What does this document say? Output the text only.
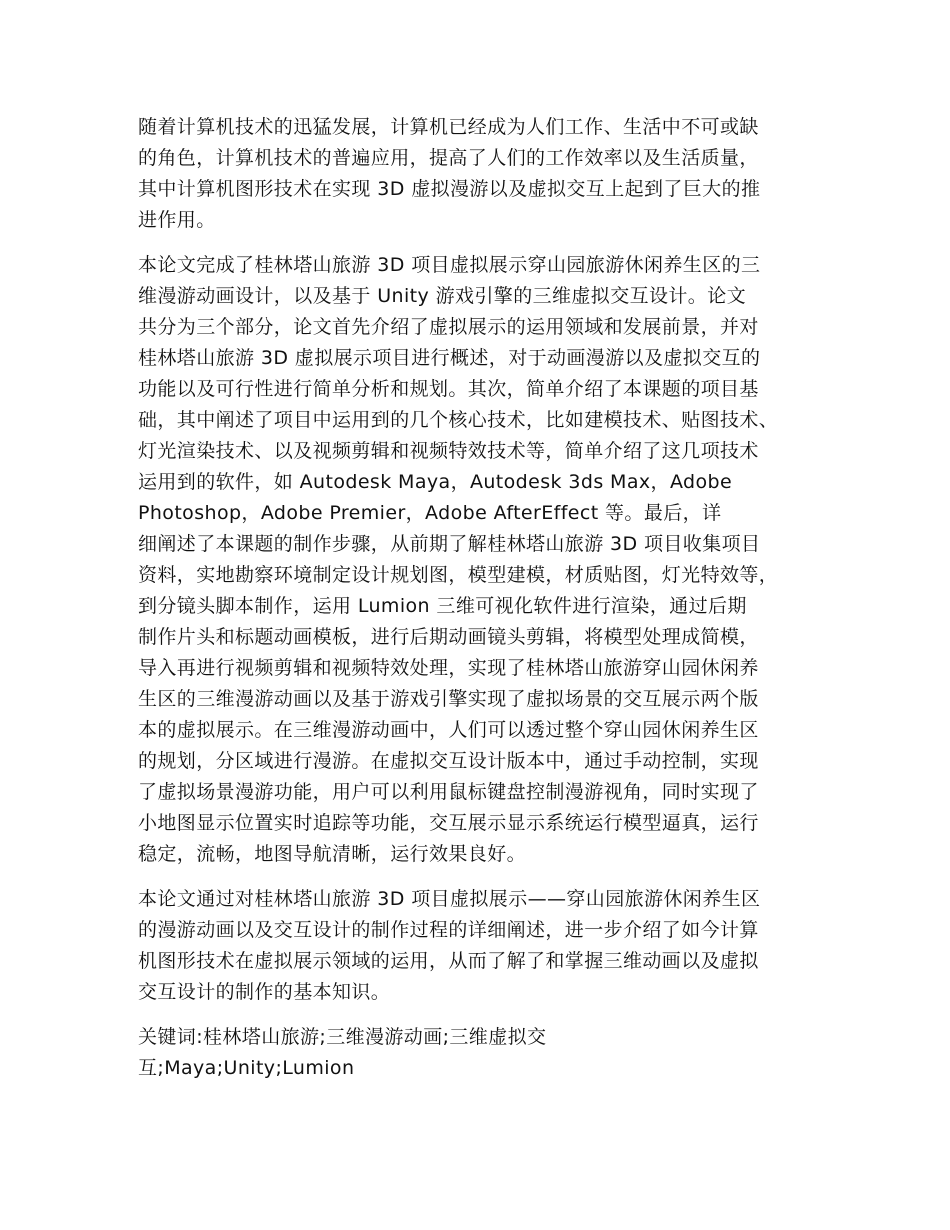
随着计算机技术的迅猛发展，计算机已经成为人们工作、生活中不可或缺
的角色，计算机技术的普遍应用，提高了人们的工作效率以及生活质量，
其中计算机图形技术在实现 3D 虚拟漫游以及虚拟交互上起到了巨大的推
进作用。

本论文完成了桂林塔山旅游 3D 项目虚拟展示穿山园旅游休闲养生区的三
维漫游动画设计，以及基于 Unity 游戏引擎的三维虚拟交互设计。论文
共分为三个部分，论文首先介绍了虚拟展示的运用领域和发展前景，并对
桂林塔山旅游 3D 虚拟展示项目进行概述，对于动画漫游以及虚拟交互的
功能以及可行性进行简单分析和规划。其次，简单介绍了本课题的项目基
础，其中阐述了项目中运用到的几个核心技术，比如建模技术、贴图技术、
灯光渲染技术、以及视频剪辑和视频特效技术等，简单介绍了这几项技术
运用到的软件，如 Autodesk Maya，Autodesk 3ds Max，Adobe
Photoshop，Adobe Premier，Adobe AfterEffect 等。最后，详
细阐述了本课题的制作步骤，从前期了解桂林塔山旅游 3D 项目收集项目
资料，实地勘察环境制定设计规划图，模型建模，材质贴图，灯光特效等，
到分镜头脚本制作，运用 Lumion 三维可视化软件进行渲染，通过后期
制作片头和标题动画模板，进行后期动画镜头剪辑，将模型处理成简模，
导入再进行视频剪辑和视频特效处理，实现了桂林塔山旅游穿山园休闲养
生区的三维漫游动画以及基于游戏引擎实现了虚拟场景的交互展示两个版
本的虚拟展示。在三维漫游动画中，人们可以透过整个穿山园休闲养生区
的规划，分区域进行漫游。在虚拟交互设计版本中，通过手动控制，实现
了虚拟场景漫游功能，用户可以利用鼠标键盘控制漫游视角，同时实现了
小地图显示位置实时追踪等功能，交互展示显示系统运行模型逼真，运行
稳定，流畅，地图导航清晰，运行效果良好。

本论文通过对桂林塔山旅游 3D 项目虚拟展示——穿山园旅游休闲养生区
的漫游动画以及交互设计的制作过程的详细阐述，进一步介绍了如今计算
机图形技术在虚拟展示领域的运用，从而了解了和掌握三维动画以及虚拟
交互设计的制作的基本知识。

关键词:桂林塔山旅游;三维漫游动画;三维虚拟交
互;Maya;Unity;Lumion
